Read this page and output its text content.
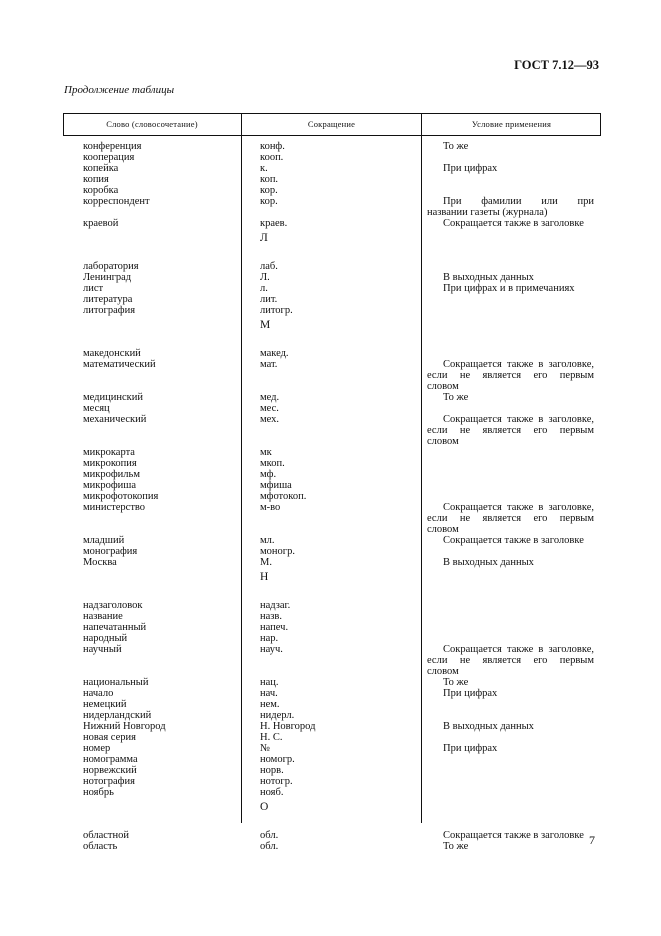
ГОСТ 7.12—93
Продолжение таблицы
Слово (словосочетание)	Сокращение	Условие применения
конференция	конф.	То же
кооперация	кооп.
копейка	к.	При цифрах
копия	коп.
коробка	кор.
корреспондент	кор.	При фамилии или при
названии газеты (журнала)
краевой	краев.	Сокращается также в заголовке
Л
лаборатория	лаб.
Ленинград	Л.	В выходных данных
лист	л.	При цифрах и в примечаниях
литература	лит.
литография	литогр.
М
македонский	макед.
математический	мат.	Сокращается также в заголовке,
если не является его первым
словом
медицинский	мед.	То же
месяц	мес.
механический	мех.	Сокращается также в заголовке,
если не является его первым
словом
микрокарта	мк
микрокопия	мкоп.
микрофильм	мф.
микрофиша	мфиша
микрофотокопия	мфотокоп.
министерство	м-во	Сокращается также в заголовке,
если не является его первым
словом
младший	мл.	Сокращается также в заголовке
монография	моногр.
Москва	М.	В выходных данных
Н
надзаголовок	надзаг.
название	назв.
напечатанный	напеч.
народный	нар.
научный	науч.	Сокращается также в заголовке,
если не является его первым
словом
национальный	нац.	То же
начало	нач.	При цифрах
немецкий	нем.
нидерландский	нидерл.
Нижний Новгород	Н. Новгород	В выходных данных
новая серия	Н. С.
номер	№	При цифрах
номограмма	номогр.
норвежский	норв.
нотография	нотогр.
ноябрь	нояб.
О
областной	обл.	Сокращается также в заголовке
область	обл.	То же	7
